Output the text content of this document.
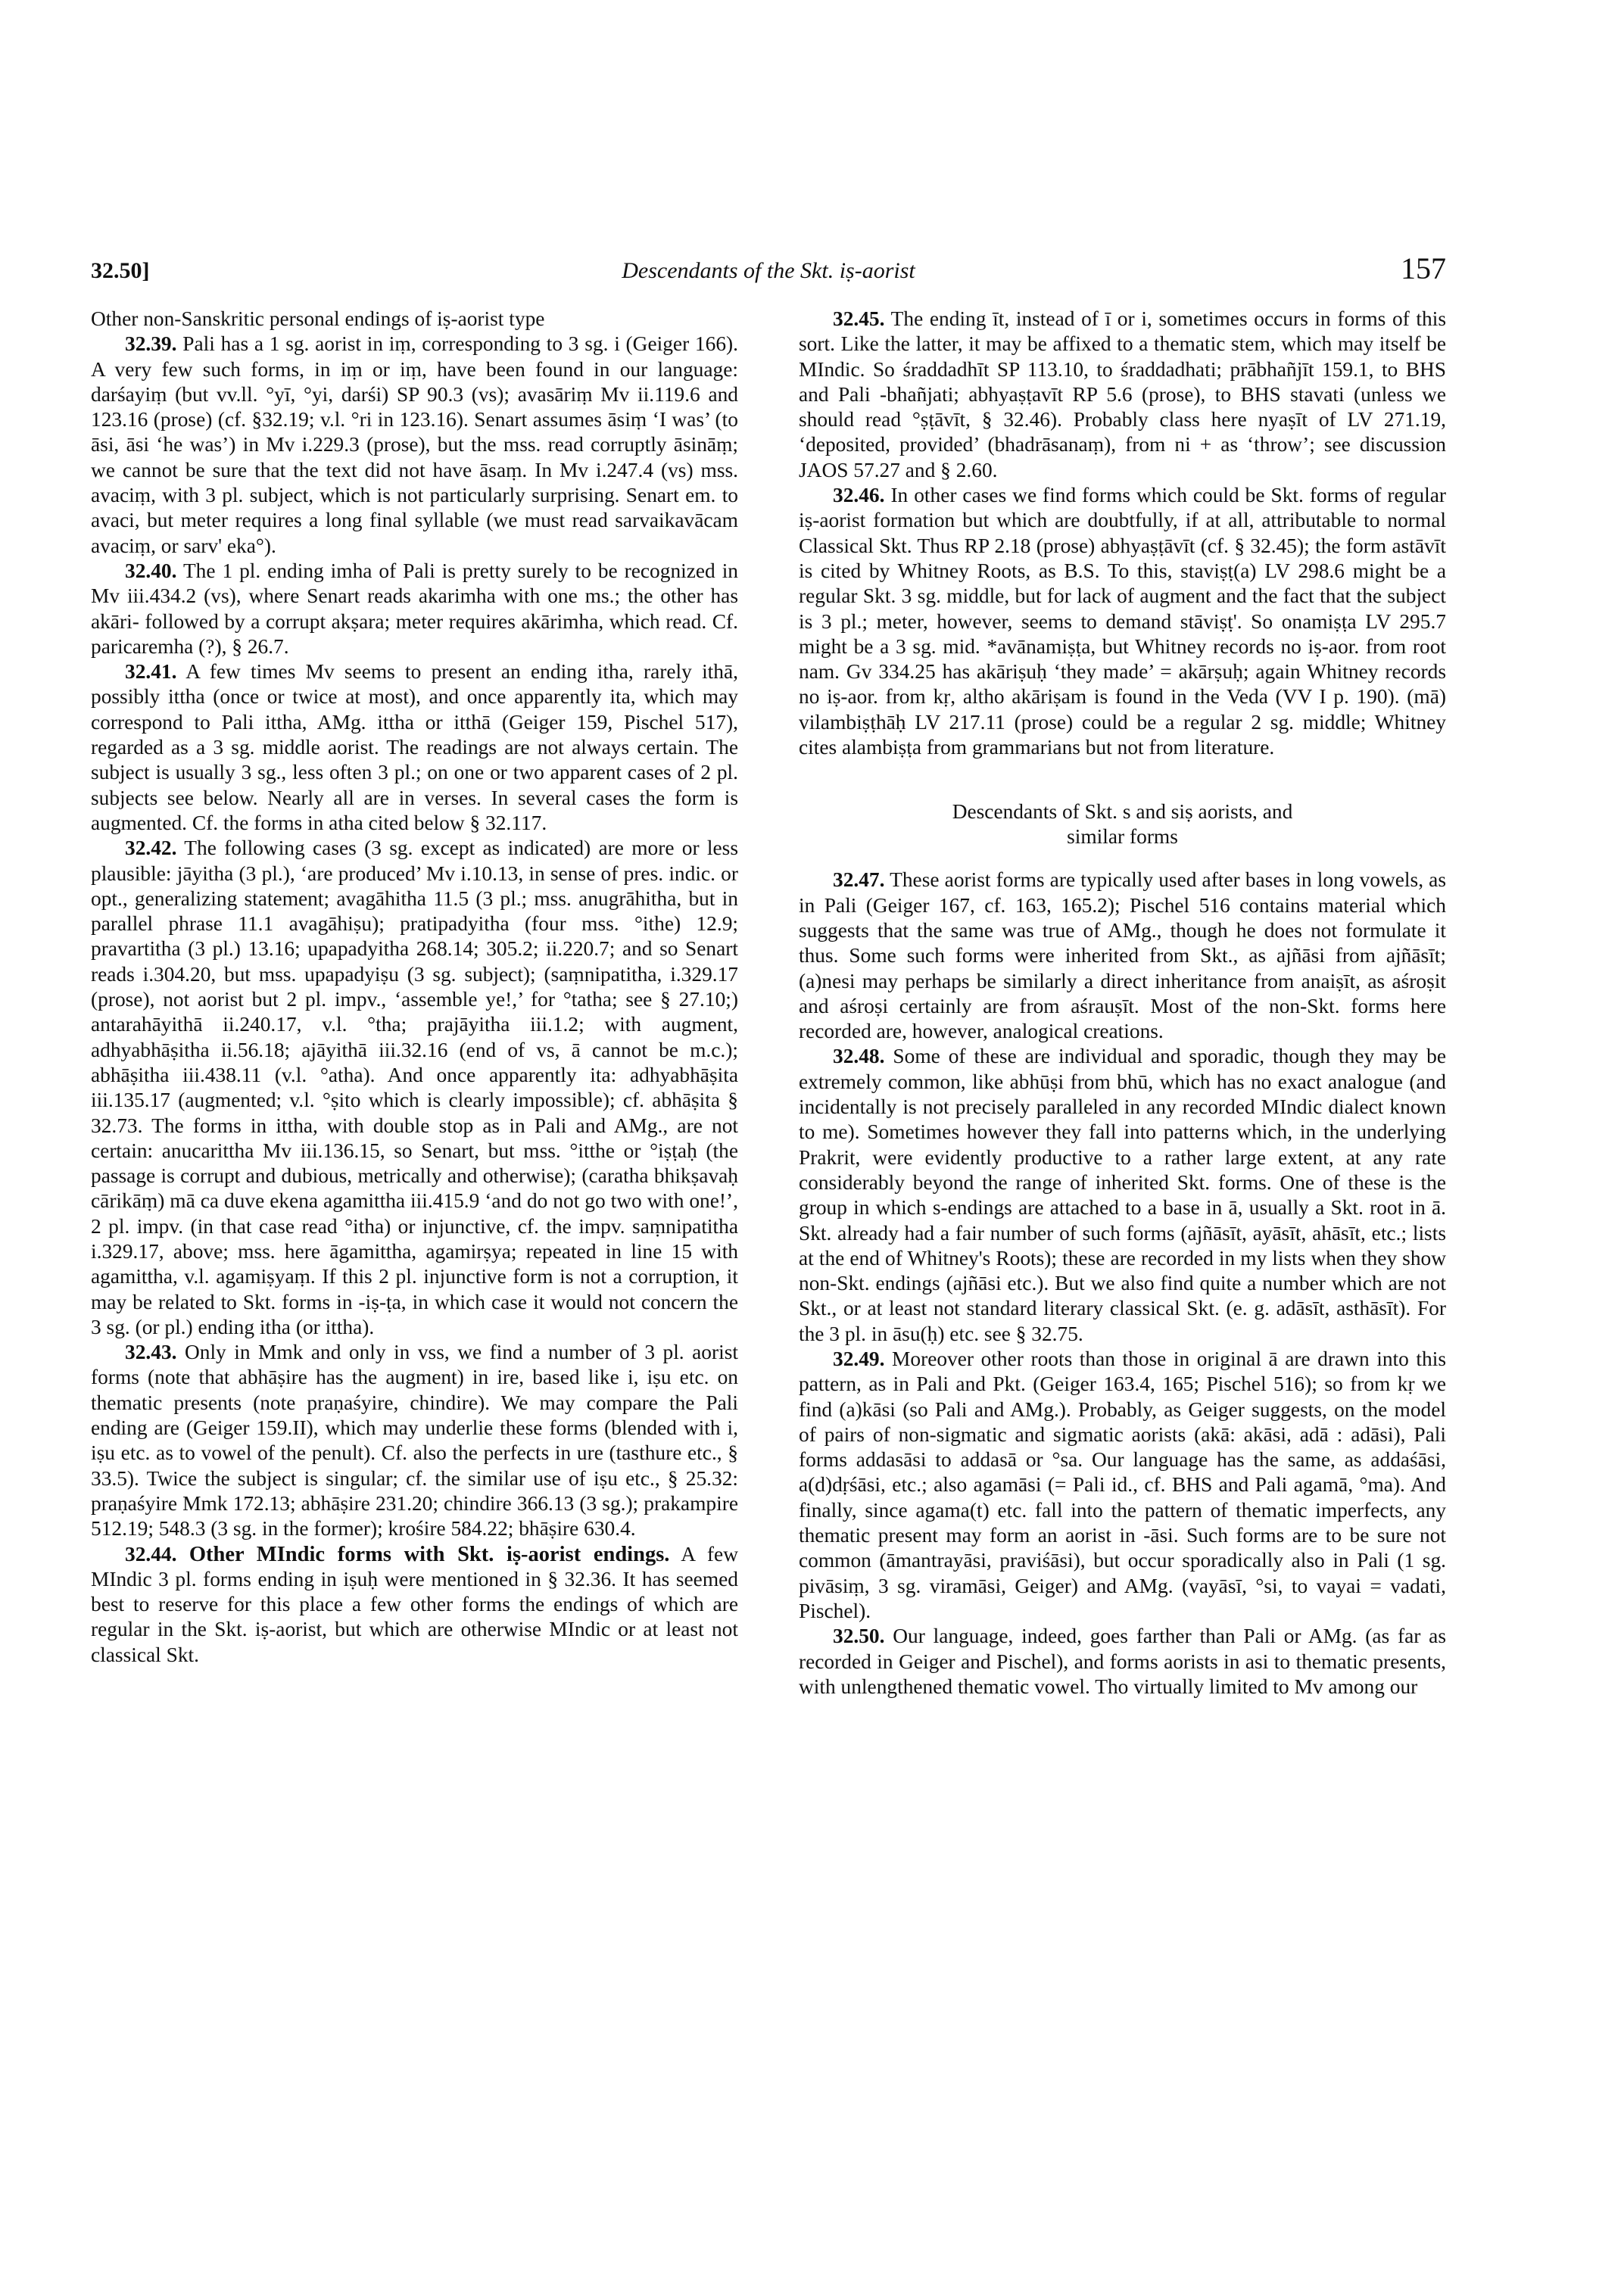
32.50]	Descendants of the Skt. iṣ-aorist	157

Other non-Sanskritic personal endings of iṣ-aorist type

32.39. Pali has a 1 sg. aorist in iṃ, corresponding to 3 sg. i (Geiger 166). A very few such forms, in iṃ or iṃ, have been found in our language: darśayiṃ (but vv.ll. °yī, °yi, darśi) SP 90.3 (vs); avasāriṃ Mv ii.119.6 and 123.16 (prose) (cf. §32.19; v.l. °ri in 123.16). Senart assumes āsiṃ ‘I was’ (to āsi, āsi ‘he was’) in Mv i.229.3 (prose), but the mss. read corruptly āsināṃ; we cannot be sure that the text did not have āsaṃ. In Mv i.247.4 (vs) mss. avaciṃ, with 3 pl. subject, which is not particularly surprising. Senart em. to avaci, but meter requires a long final syllable (we must read sarvaikavācam avaciṃ, or sarv' eka°).

32.40. The 1 pl. ending imha of Pali is pretty surely to be recognized in Mv iii.434.2 (vs), where Senart reads akarimha with one ms.; the other has akāri- followed by a corrupt akṣara; meter requires akārimha, which read. Cf. paricaremha (?), § 26.7.

32.41. A few times Mv seems to present an ending itha, rarely ithā, possibly ittha (once or twice at most), and once apparently ita, which may correspond to Pali ittha, AMg. ittha or itthā (Geiger 159, Pischel 517), regarded as a 3 sg. middle aorist. The readings are not always certain. The subject is usually 3 sg., less often 3 pl.; on one or two apparent cases of 2 pl. subjects see below. Nearly all are in verses. In several cases the form is augmented. Cf. the forms in atha cited below § 32.117.

32.42. The following cases (3 sg. except as indicated) are more or less plausible: jāyitha (3 pl.), ‘are produced’ Mv i.10.13, in sense of pres. indic. or opt., generalizing statement; avagāhitha 11.5 (3 pl.; mss. anugrāhitha, but in parallel phrase 11.1 avagāhiṣu); pratipadyitha (four mss. °ithe) 12.9; pravartitha (3 pl.) 13.16; upapadyitha 268.14; 305.2; ii.220.7; and so Senart reads i.304.20, but mss. upapadyiṣu (3 sg. subject); (saṃnipatitha, i.329.17 (prose), not aorist but 2 pl. impv., ‘assemble ye!,’ for °tatha; see § 27.10;) antarahāyithā ii.240.17, v.l. °tha; prajāyitha iii.1.2; with augment, adhyabhāṣitha ii.56.18; ajāyithā iii.32.16 (end of vs, ā cannot be m.c.); abhāṣitha iii.438.11 (v.l. °atha). And once apparently ita: adhyabhāṣita iii.135.17 (augmented; v.l. °ṣito which is clearly impossible); cf. abhāṣita § 32.73. The forms in ittha, with double stop as in Pali and AMg., are not certain: anucarittha Mv iii.136.15, so Senart, but mss. °itthe or °iṣṭaḥ (the passage is corrupt and dubious, metrically and otherwise); (caratha bhikṣavaḥ cārikāṃ) mā ca duve ekena agamittha iii.415.9 ‘and do not go two with one!’, 2 pl. impv. (in that case read °itha) or injunctive, cf. the impv. saṃnipatitha i.329.17, above; mss. here āgamittha, agamirṣya; repeated in line 15 with agamittha, v.l. agamiṣyaṃ. If this 2 pl. injunctive form is not a corruption, it may be related to Skt. forms in -iṣ-ṭa, in which case it would not concern the 3 sg. (or pl.) ending itha (or ittha).

32.43. Only in Mmk and only in vss, we find a number of 3 pl. aorist forms (note that abhāṣire has the augment) in ire, based like i, iṣu etc. on thematic presents (note praṇaśyire, chindire). We may compare the Pali ending are (Geiger 159.II), which may underlie these forms (blended with i, iṣu etc. as to vowel of the penult). Cf. also the perfects in ure (tasthure etc., § 33.5). Twice the subject is singular; cf. the similar use of iṣu etc., § 25.32: praṇaśyire Mmk 172.13; abhāṣire 231.20; chindire 366.13 (3 sg.); prakampire 512.19; 548.3 (3 sg. in the former); krośire 584.22; bhāṣire 630.4.

32.44. Other MIndic forms with Skt. iṣ-aorist endings. A few MIndic 3 pl. forms ending in iṣuḥ were mentioned in § 32.36. It has seemed best to reserve for this place a few other forms the endings of which are regular in the Skt. iṣ-aorist, but which are otherwise MIndic or at least not classical Skt.

32.45. The ending īt, instead of ī or i, sometimes occurs in forms of this sort. Like the latter, it may be affixed to a thematic stem, which may itself be MIndic. So śraddadhīt SP 113.10, to śraddadhati; prābhañjīt 159.1, to BHS and Pali -bhañjati; abhyaṣṭavīt RP 5.6 (prose), to BHS stavati (unless we should read °ṣṭāvīt, § 32.46). Probably class here nyaṣīt of LV 271.19, ‘deposited, provided’ (bhadrāsanaṃ), from ni + as ‘throw’; see discussion JAOS 57.27 and § 2.60.

32.46. In other cases we find forms which could be Skt. forms of regular iṣ-aorist formation but which are doubtfully, if at all, attributable to normal Classical Skt. Thus RP 2.18 (prose) abhyaṣṭāvīt (cf. § 32.45); the form astāvīt is cited by Whitney Roots, as B.S. To this, staviṣṭ(a) LV 298.6 might be a regular Skt. 3 sg. middle, but for lack of augment and the fact that the subject is 3 pl.; meter, however, seems to demand stāviṣṭ'. So onamiṣṭa LV 295.7 might be a 3 sg. mid. *avānamiṣṭa, but Whitney records no iṣ-aor. from root nam. Gv 334.25 has akāriṣuḥ ‘they made’ = akārṣuḥ; again Whitney records no iṣ-aor. from kṛ, altho akāriṣam is found in the Veda (VV I p. 190). (mā) vilambiṣṭhāḥ LV 217.11 (prose) could be a regular 2 sg. middle; Whitney cites alambiṣṭa from grammarians but not from literature.

Descendants of Skt. s and siṣ aorists, and
similar forms

32.47. These aorist forms are typically used after bases in long vowels, as in Pali (Geiger 167, cf. 163, 165.2); Pischel 516 contains material which suggests that the same was true of AMg., though he does not formulate it thus. Some such forms were inherited from Skt., as ajñāsi from ajñāsīt; (a)nesi may perhaps be similarly a direct inheritance from anaiṣīt, as aśroṣit and aśroṣi certainly are from aśrauṣīt. Most of the non-Skt. forms here recorded are, however, analogical creations.

32.48. Some of these are individual and sporadic, though they may be extremely common, like abhūṣi from bhū, which has no exact analogue (and incidentally is not precisely paralleled in any recorded MIndic dialect known to me). Sometimes however they fall into patterns which, in the underlying Prakrit, were evidently productive to a rather large extent, at any rate considerably beyond the range of inherited Skt. forms. One of these is the group in which s-endings are attached to a base in ā, usually a Skt. root in ā. Skt. already had a fair number of such forms (ajñāsīt, ayāsīt, ahāsīt, etc.; lists at the end of Whitney's Roots); these are recorded in my lists when they show non-Skt. endings (ajñāsi etc.). But we also find quite a number which are not Skt., or at least not standard literary classical Skt. (e. g. adāsīt, asthāsīt). For the 3 pl. in āsu(ḥ) etc. see § 32.75.

32.49. Moreover other roots than those in original ā are drawn into this pattern, as in Pali and Pkt. (Geiger 163.4, 165; Pischel 516); so from kṛ we find (a)kāsi (so Pali and AMg.). Probably, as Geiger suggests, on the model of pairs of non-sigmatic and sigmatic aorists (akā: akāsi, adā : adāsi), Pali forms addasāsi to addasā or °sa. Our language has the same, as addaśāsi, a(d)dṛśāsi, etc.; also agamāsi (= Pali id., cf. BHS and Pali agamā, °ma). And finally, since agama(t) etc. fall into the pattern of thematic imperfects, any thematic present may form an aorist in -āsi. Such forms are to be sure not common (āmantrayāsi, praviśāsi), but occur sporadically also in Pali (1 sg. pivāsiṃ, 3 sg. viramāsi, Geiger) and AMg. (vayāsī, °si, to vayai = vadati, Pischel).

32.50. Our language, indeed, goes farther than Pali or AMg. (as far as recorded in Geiger and Pischel), and forms aorists in asi to thematic presents, with unlengthened thematic vowel. Tho virtually limited to Mv among our
